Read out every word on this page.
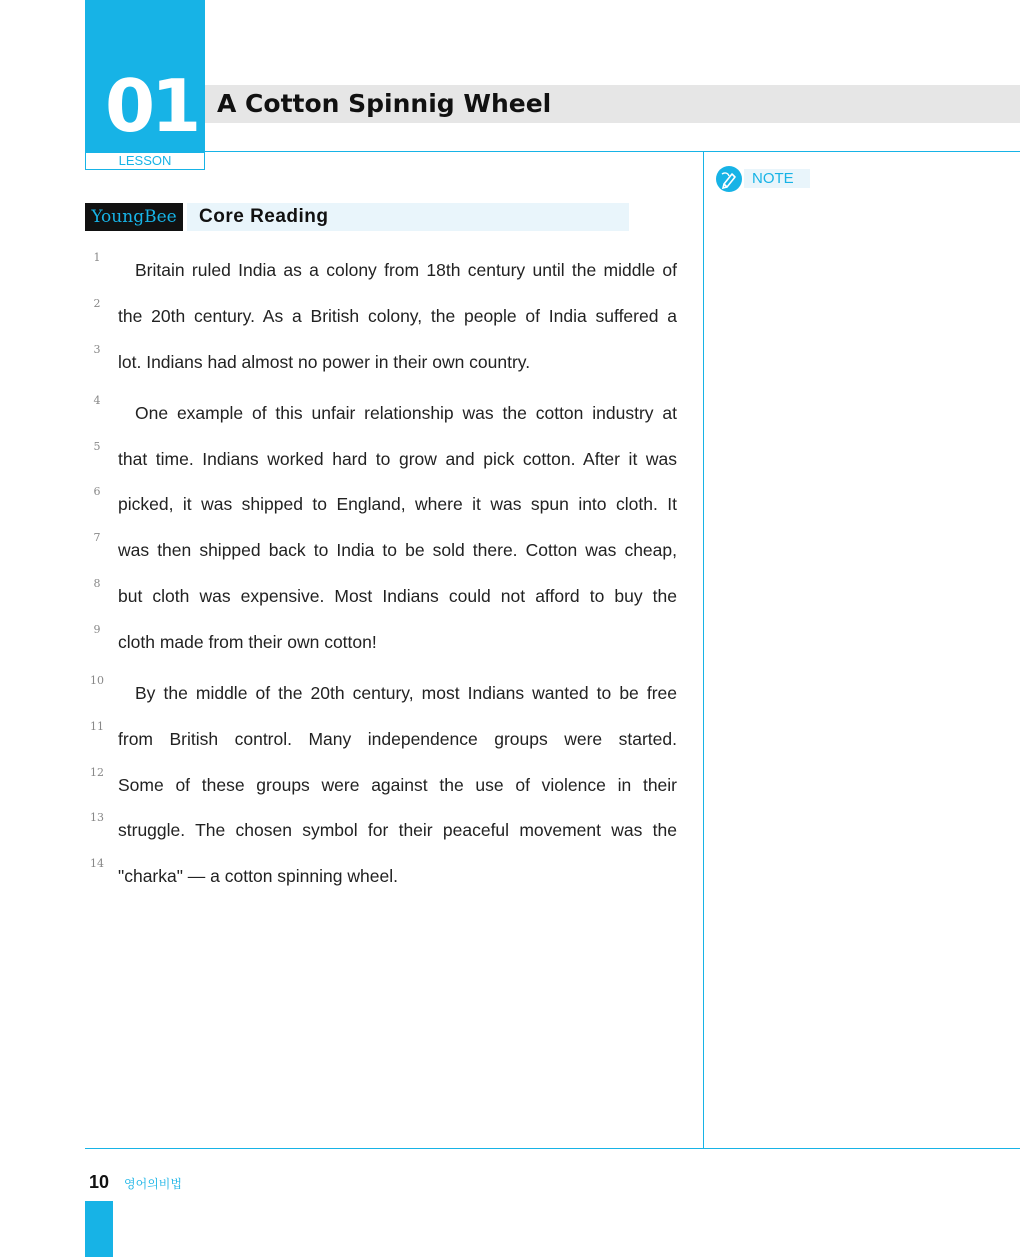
01
LESSON
A Cotton Spinnig Wheel
NOTE
YoungBee	Core Reading
1
Britain ruled India as a colony from 18th century until the middle of
2
the 20th century. As a British colony, the people of India suffered a
3
lot. Indians had almost no power in their own country.
4
One example of this unfair relationship was the cotton industry at
5
that time. Indians worked hard to grow and pick cotton. After it was
6
picked, it was shipped to England, where it was spun into cloth. It
7
was then shipped back to India to be sold there. Cotton was cheap,
8
but cloth was expensive. Most Indians could not afford to buy the
9
cloth made from their own cotton!
10
By the middle of the 20th century, most Indians wanted to be free
11
from British control. Many independence groups were started.
12
Some of these groups were against the use of violence in their
13
struggle. The chosen symbol for their peaceful movement was the
14
"charka" — a cotton spinning wheel.
10 영어의비법
